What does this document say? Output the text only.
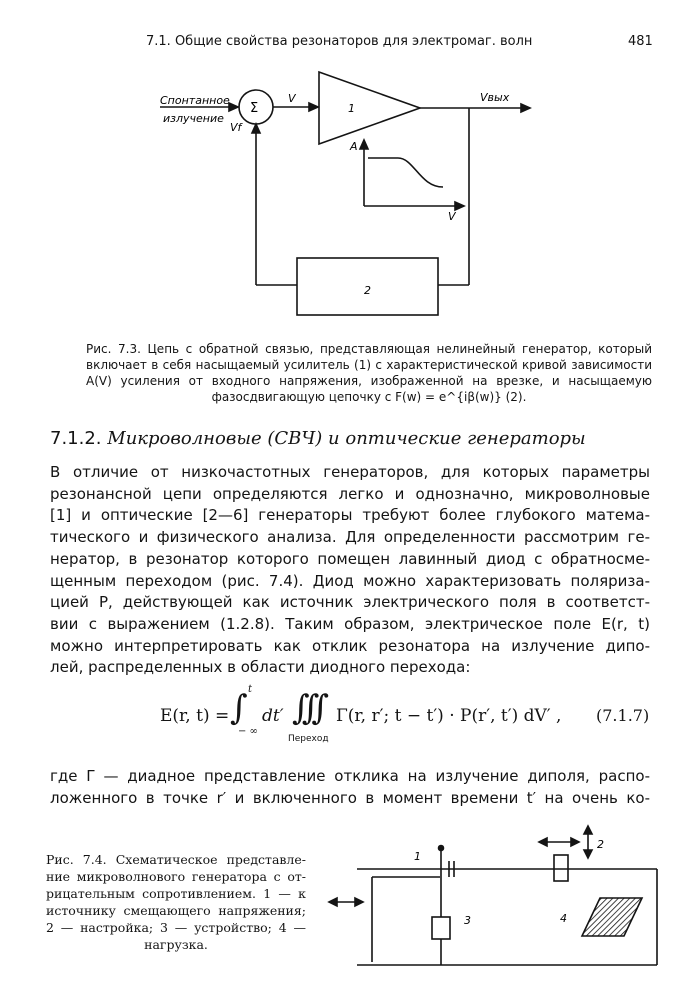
7.1. Общие свойства резонаторов для электромаг. волн	481
Спонтанное
излучение
Σ
V
Vf
1
Vвых
A
V
2
Рис. 7.3. Цепь с обратной связью, представляющая нелинейный генератор, который
включает в себя насыщаемый усилитель (1) с характеристической кривой зависимости
A(V) усиления от входного напряжения, изображенной на врезке, и насыщаемую
фазосдвигающую цепочку с F(w) = e^{iβ(w)} (2).
7.1.2. Микроволновые (СВЧ) и оптические генераторы
В отличие от низкочастотных генераторов, для которых параметры
резонансной цепи определяются легко и однозначно, микроволновые
[1] и оптические [2—6] генераторы требуют более глубокого матема-
тического и физического анализа. Для определенности рассмотрим ге-
нератор, в резонатор которого помещен лавинный диод с обратносме-
щенным переходом (рис. 7.4). Диод можно характеризовать поляриза-
цией P, действующей как источник электрического поля в соответст-
вии с выражением (1.2.8). Таким образом, электрическое поле E(r, t)
можно интерпретировать как отклик резонатора на излучение дипо-
лей, распределенных в области диодного перехода:
E(r, t) = ∫ t
− ∞
dt′ ∫∫∫
Переход
Γ(r, r′; t − t′) · P(r′, t′) dV′ , (7.1.7)
где Γ — диадное представление отклика на излучение диполя, распо-
ложенного в точке r′ и включенного в момент времени t′ на очень ко-
Рис. 7.4. Схематическое представле-
ние микроволнового генератора с от-
рицательным сопротивлением. 1 — к
источнику смещающего напряжения;
2 — настройка; 3 — устройство; 4 —
нагрузка.
1
2
3	4
